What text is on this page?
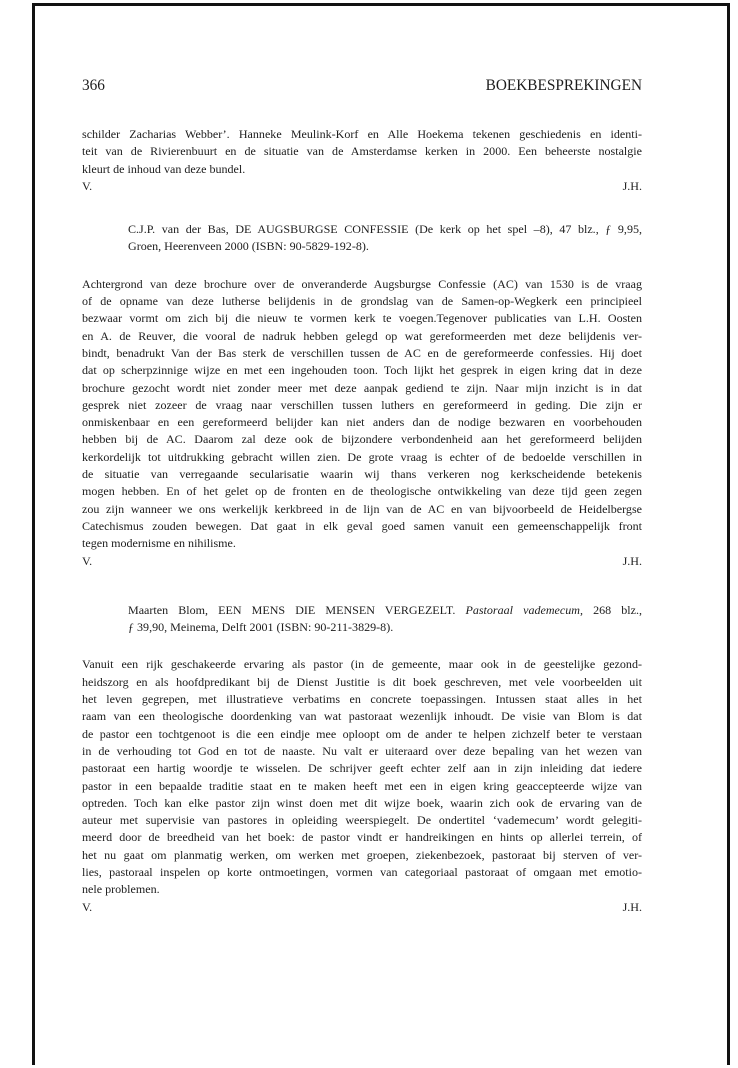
366	BOEKBESPREKINGEN

schilder Zacharias Webber’. Hanneke Meulink-Korf en Alle Hoekema tekenen geschiedenis en identi-
teit van de Rivierenbuurt en de situatie van de Amsterdamse kerken in 2000. Een beheerste nostalgie
kleurt de inhoud van deze bundel.

V.	J.H.

C.J.P. van der Bas, DE AUGSBURGSE CONFESSIE (De kerk op het spel –8), 47 blz., ƒ 9,95,
Groen, Heerenveen 2000 (ISBN: 90-5829-192-8).

Achtergrond van deze brochure over de onveranderde Augsburgse Confessie (AC) van 1530 is de vraag
of de opname van deze lutherse belijdenis in de grondslag van de Samen-op-Wegkerk een principieel
bezwaar vormt om zich bij die nieuw te vormen kerk te voegen.Tegenover publicaties van L.H. Oosten
en A. de Reuver, die vooral de nadruk hebben gelegd op wat gereformeerden met deze belijdenis ver-
bindt, benadrukt Van der Bas sterk de verschillen tussen de AC en de gereformeerde confessies. Hij doet
dat op scherpzinnige wijze en met een ingehouden toon. Toch lijkt het gesprek in eigen kring dat in deze
brochure gezocht wordt niet zonder meer met deze aanpak gediend te zijn. Naar mijn inzicht is in dat
gesprek niet zozeer de vraag naar verschillen tussen luthers en gereformeerd in geding. Die zijn er
onmiskenbaar en een gereformeerd belijder kan niet anders dan de nodige bezwaren en voorbehouden
hebben bij de AC. Daarom zal deze ook de bijzondere verbondenheid aan het gereformeerd belijden
kerkordelijk tot uitdrukking gebracht willen zien. De grote vraag is echter of de bedoelde verschillen in
de situatie van verregaande secularisatie waarin wij thans verkeren nog kerkscheidende betekenis
mogen hebben. En of het gelet op de fronten en de theologische ontwikkeling van deze tijd geen zegen
zou zijn wanneer we ons werkelijk kerkbreed in de lijn van de AC en van bijvoorbeeld de Heidelbergse
Catechismus zouden bewegen. Dat gaat in elk geval goed samen vanuit een gemeenschappelijk front
tegen modernisme en nihilisme.

V.	J.H.

Maarten Blom, EEN MENS DIE MENSEN VERGEZELT. Pastoraal vademecum, 268 blz.,
ƒ 39,90, Meinema, Delft 2001 (ISBN: 90-211-3829-8).

Vanuit een rijk geschakeerde ervaring als pastor (in de gemeente, maar ook in de geestelijke gezond-
heidszorg en als hoofdpredikant bij de Dienst Justitie is dit boek geschreven, met vele voorbeelden uit
het leven gegrepen, met illustratieve verbatims en concrete toepassingen. Intussen staat alles in het
raam van een theologische doordenking van wat pastoraat wezenlijk inhoudt. De visie van Blom is dat
de pastor een tochtgenoot is die een eindje mee oploopt om de ander te helpen zichzelf beter te verstaan
in de verhouding tot God en tot de naaste. Nu valt er uiteraard over deze bepaling van het wezen van
pastoraat een hartig woordje te wisselen. De schrijver geeft echter zelf aan in zijn inleiding dat iedere
pastor in een bepaalde traditie staat en te maken heeft met een in eigen kring geaccepteerde wijze van
optreden. Toch kan elke pastor zijn winst doen met dit wijze boek, waarin zich ook de ervaring van de
auteur met supervisie van pastores in opleiding weerspiegelt. De ondertitel ‘vademecum’ wordt gelegiti-
meerd door de breedheid van het boek: de pastor vindt er handreikingen en hints op allerlei terrein, of
het nu gaat om planmatig werken, om werken met groepen, ziekenbezoek, pastoraat bij sterven of ver-
lies, pastoraal inspelen op korte ontmoetingen, vormen van categoriaal pastoraat of omgaan met emotio-
nele problemen.

V.	J.H.
